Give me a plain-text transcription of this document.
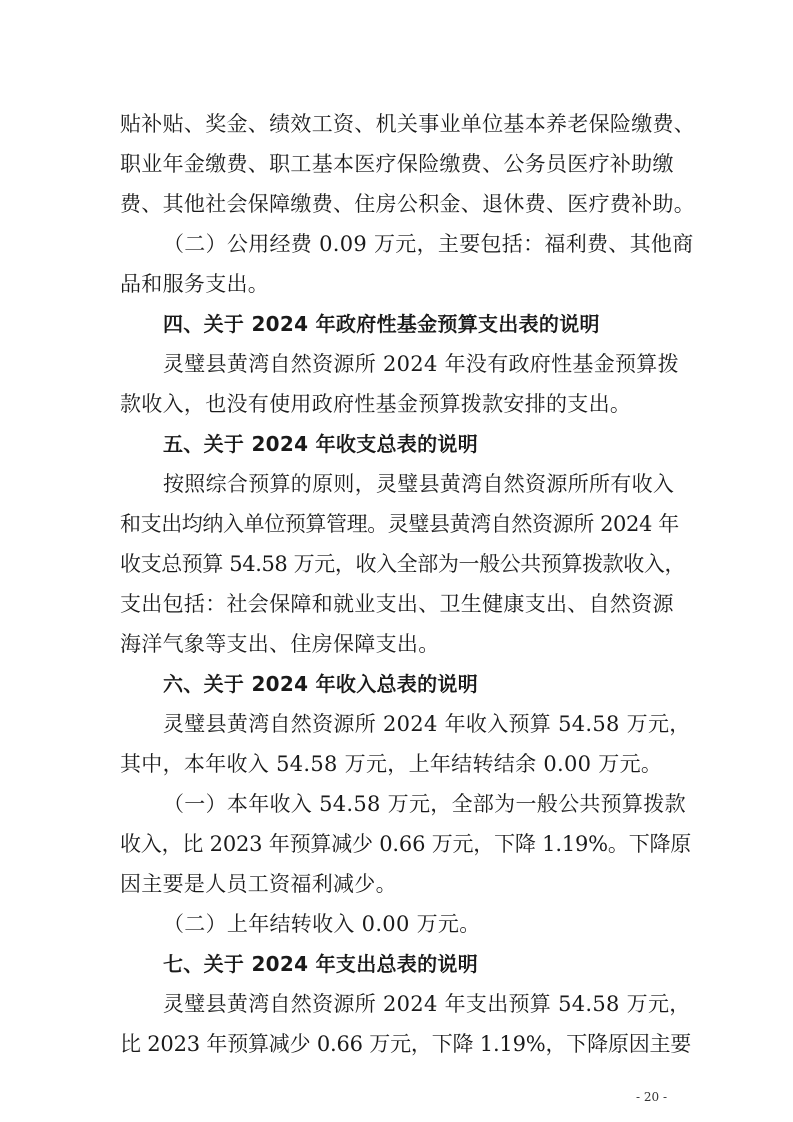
贴补贴、奖金、绩效工资、机关事业单位基本养老保险缴费、
职业年金缴费、职工基本医疗保险缴费、公务员医疗补助缴
费、其他社会保障缴费、住房公积金、退休费、医疗费补助。
（二）公用经费 0.09 万元，主要包括：福利费、其他商
品和服务支出。
四、关于 2024 年政府性基金预算支出表的说明
灵璧县黄湾自然资源所 2024 年没有政府性基金预算拨
款收入，也没有使用政府性基金预算拨款安排的支出。
五、关于 2024 年收支总表的说明
按照综合预算的原则，灵璧县黄湾自然资源所所有收入
和支出均纳入单位预算管理。灵璧县黄湾自然资源所 2024 年
收支总预算 54.58 万元，收入全部为一般公共预算拨款收入，
支出包括：社会保障和就业支出、卫生健康支出、自然资源
海洋气象等支出、住房保障支出。
六、关于 2024 年收入总表的说明
灵璧县黄湾自然资源所 2024 年收入预算 54.58 万元，
其中，本年收入 54.58 万元，上年结转结余 0.00 万元。
（一）本年收入 54.58 万元，全部为一般公共预算拨款
收入，比 2023 年预算减少 0.66 万元，下降 1.19%。下降原
因主要是人员工资福利减少。
（二）上年结转收入 0.00 万元。
七、关于 2024 年支出总表的说明
灵璧县黄湾自然资源所 2024 年支出预算 54.58 万元，
比 2023 年预算减少 0.66 万元，下降 1.19%，下降原因主要
- 20 -
